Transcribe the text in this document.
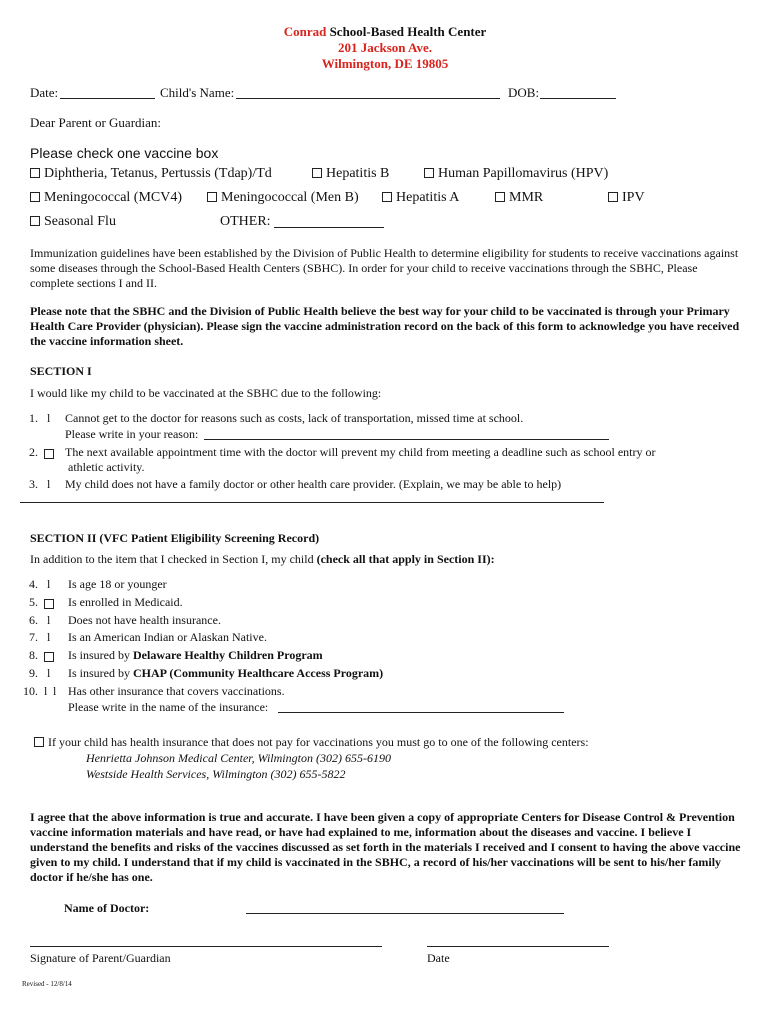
Conrad School-Based Health Center
201 Jackson Ave.
Wilmington, DE 19805
Date:	Child's Name:	DOB:
Dear Parent or Guardian:
Please check one vaccine box
Diphtheria, Tetanus, Pertussis (Tdap)/Td	Hepatitis B	Human Papillomavirus (HPV)
Meningococcal (MCV4)	Meningococcal (Men B)	Hepatitis A	MMR	IPV
Seasonal Flu	OTHER:
Immunization guidelines have been established by the Division of Public Health to determine eligibility for students to receive vaccinations against some diseases through the School-Based Health Centers (SBHC). In order for your child to receive vaccinations through the SBHC, Please complete sections I and II.
Please note that the SBHC and the Division of Public Health believe the best way for your child to be vaccinated is through your Primary Health Care Provider (physician). Please sign the vaccine administration record on the back of this form to acknowledge you have received the vaccine information sheet.
SECTION I
I would like my child to be vaccinated at the SBHC due to the following:
1. l Cannot get to the doctor for reasons such as costs, lack of transportation, missed time at school.
Please write in your reason:
2. The next available appointment time with the doctor will prevent my child from meeting a deadline such as school entry or
athletic activity.
3. l My child does not have a family doctor or other health care provider. (Explain, we may be able to help)
SECTION II (VFC Patient Eligibility Screening Record)
In addition to the item that I checked in Section I, my child (check all that apply in Section II):
4. l Is age 18 or younger
5.	Is enrolled in Medicaid.
6. l Does not have health insurance.
7. l Is an American Indian or Alaskan Native.
8.	Is insured by Delaware Healthy Children Program
9. l Is insured by CHAP (Community Healthcare Access Program)
10. l l Has other insurance that covers vaccinations.
Please write in the name of the insurance:
If your child has health insurance that does not pay for vaccinations you must go to one of the following centers:
Henrietta Johnson Medical Center, Wilmington (302) 655-6190
Westside Health Services, Wilmington (302) 655-5822
I agree that the above information is true and accurate. I have been given a copy of appropriate Centers for Disease Control & Prevention vaccine information materials and have read, or have had explained to me, information about the diseases and vaccine. I believe I understand the benefits and risks of the vaccines discussed as set forth in the materials I received and I consent to having the above vaccine given to my child. I understand that if my child is vaccinated in the SBHC, a record of his/her vaccinations will be sent to his/her family doctor if he/she has one.
Name of Doctor:
Signature of Parent/Guardian	Date
Revised - 12/8/14
